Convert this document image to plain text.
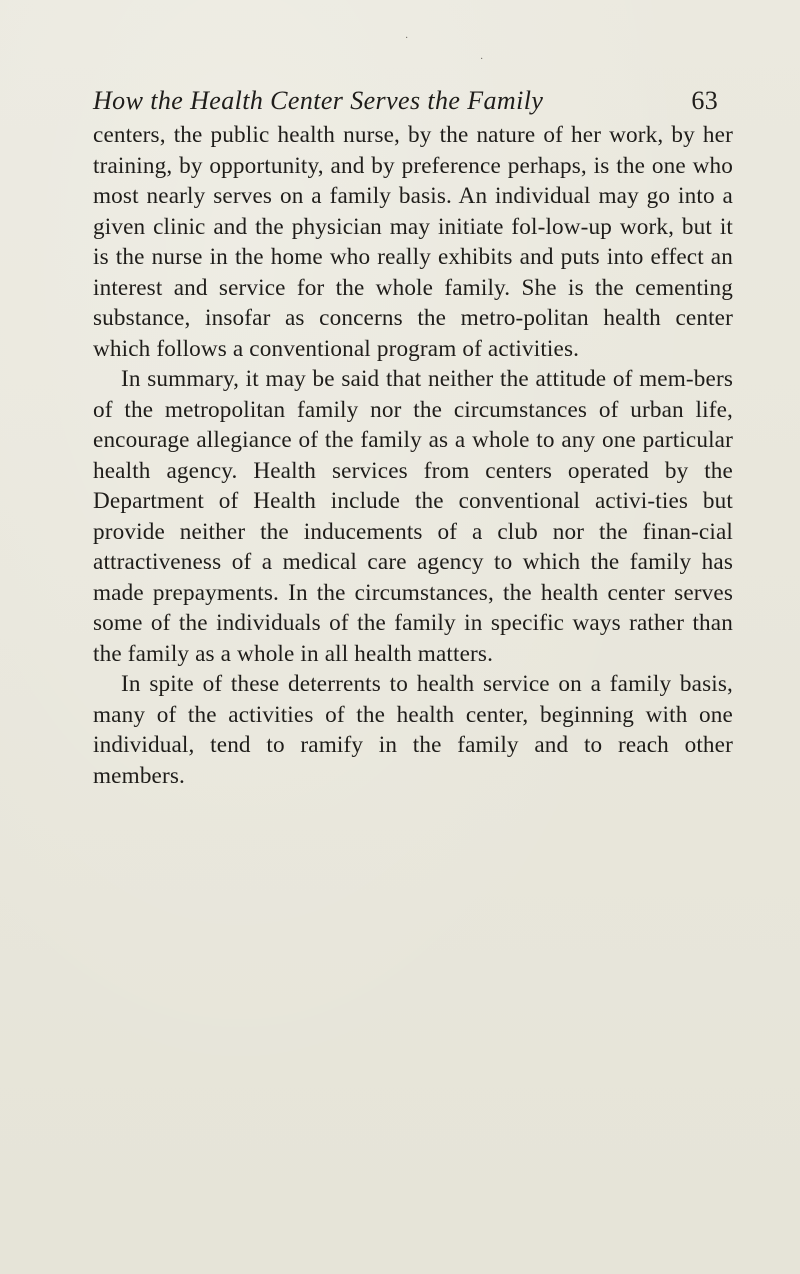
·
·
How the Health Center Serves the Family	63

centers, the public health nurse, by the nature of her work, by her training, by opportunity, and by preference perhaps, is the one who most nearly serves on a family basis. An individual may go into a given clinic and the physician may initiate fol-low-up work, but it is the nurse in the home who really exhibits and puts into effect an interest and service for the whole family. She is the cementing substance, insofar as concerns the metro-politan health center which follows a conventional program of activities.

In summary, it may be said that neither the attitude of mem-bers of the metropolitan family nor the circumstances of urban life, encourage allegiance of the family as a whole to any one particular health agency. Health services from centers operated by the Department of Health include the conventional activi-ties but provide neither the inducements of a club nor the finan-cial attractiveness of a medical care agency to which the family has made prepayments. In the circumstances, the health center serves some of the individuals of the family in specific ways rather than the family as a whole in all health matters.

In spite of these deterrents to health service on a family basis, many of the activities of the health center, beginning with one individual, tend to ramify in the family and to reach other members.
